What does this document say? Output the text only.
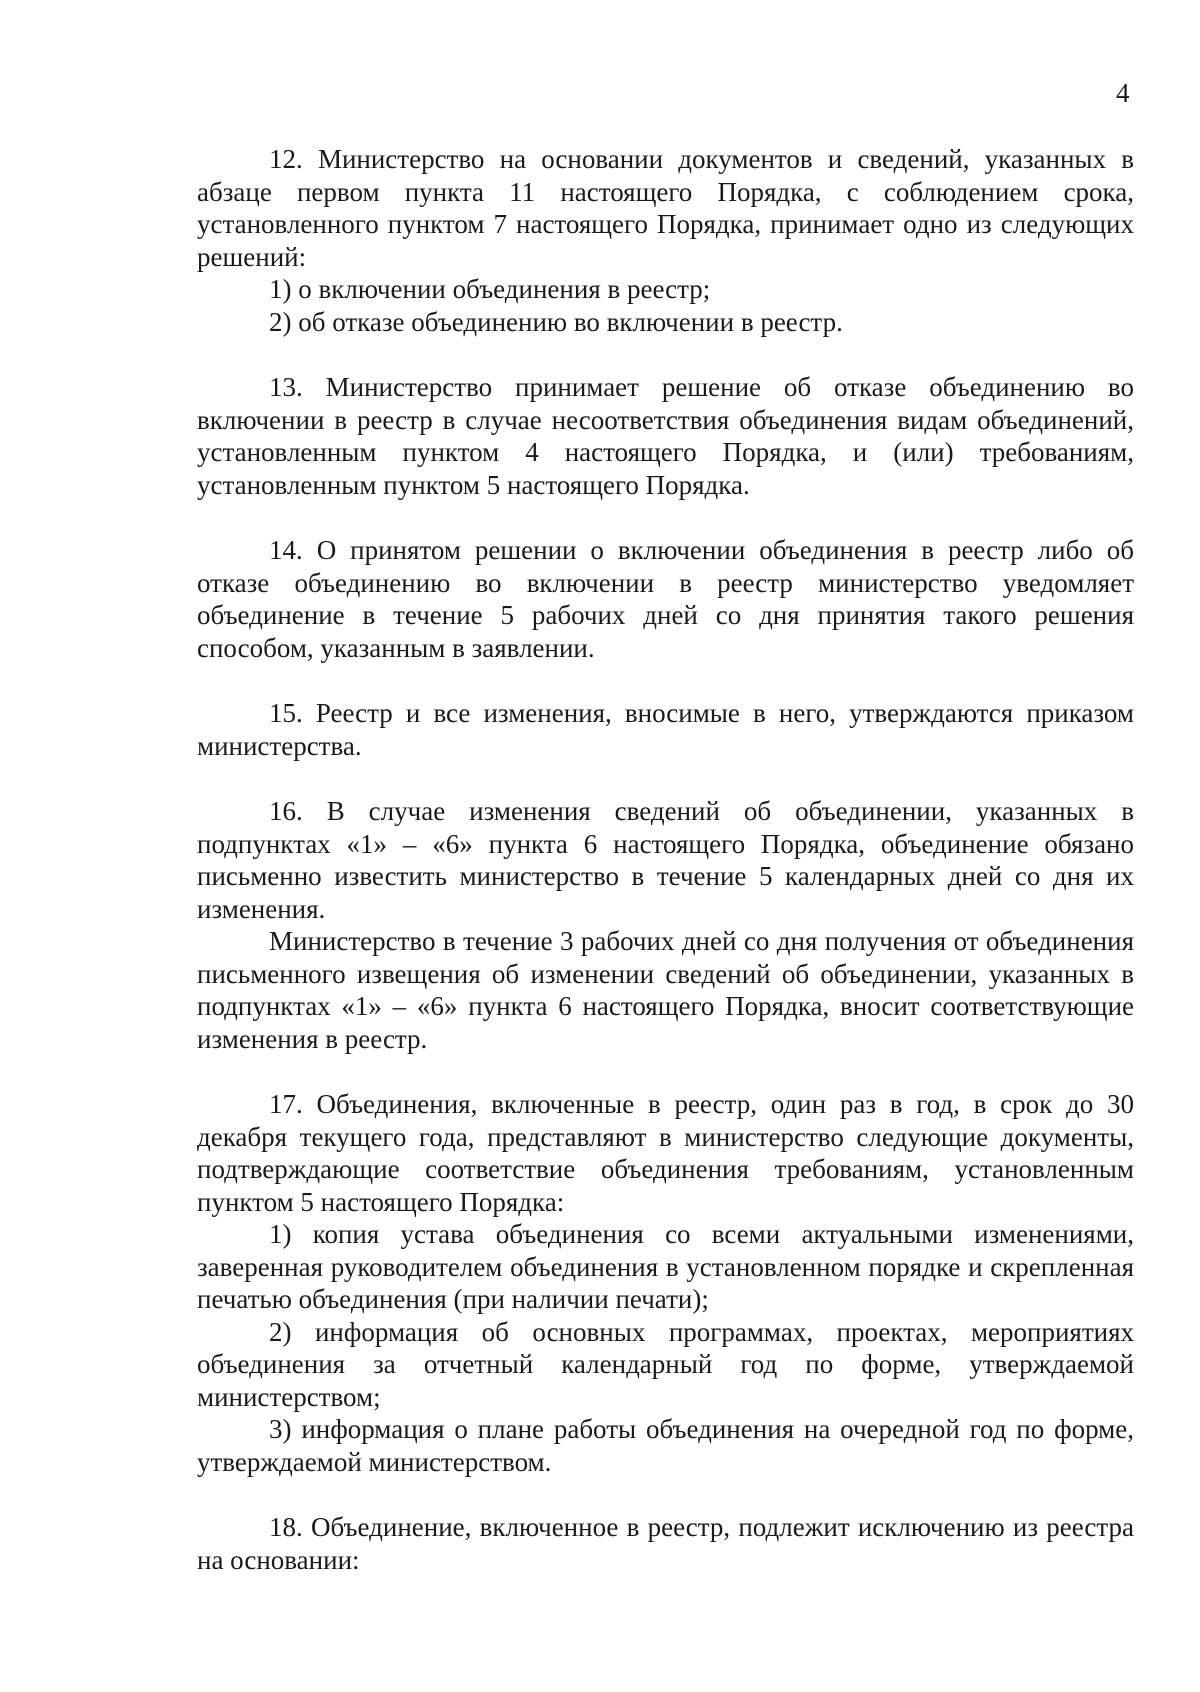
4

12. Министерство на основании документов и сведений, указанных в абзаце первом пункта 11 настоящего Порядка, с соблюдением срока, установленного пунктом 7 настоящего Порядка, принимает одно из следующих решений:

1) о включении объединения в реестр;

2) об отказе объединению во включении в реестр.

13. Министерство принимает решение об отказе объединению во включении в реестр в случае несоответствия объединения видам объединений, установленным пунктом 4 настоящего Порядка, и (или) требованиям, установленным пунктом 5 настоящего Порядка.

14. О принятом решении о включении объединения в реестр либо об отказе объединению во включении в реестр министерство уведомляет объединение в течение 5 рабочих дней со дня принятия такого решения способом, указанным в заявлении.

15. Реестр и все изменения, вносимые в него, утверждаются приказом министерства.

16. В случае изменения сведений об объединении, указанных в подпунктах «1» – «6» пункта 6 настоящего Порядка, объединение обязано письменно известить министерство в течение 5 календарных дней со дня их изменения.

Министерство в течение 3 рабочих дней со дня получения от объединения письменного извещения об изменении сведений об объединении, указанных в подпунктах «1» – «6» пункта 6 настоящего Порядка, вносит соответствующие изменения в реестр.

17. Объединения, включенные в реестр, один раз в год, в срок до 30 декабря текущего года, представляют в министерство следующие документы, подтверждающие соответствие объединения требованиям, установленным пунктом 5 настоящего Порядка:

1) копия устава объединения со всеми актуальными изменениями, заверенная руководителем объединения в установленном порядке и скрепленная печатью объединения (при наличии печати);

2) информация об основных программах, проектах, мероприятиях объединения за отчетный календарный год по форме, утверждаемой министерством;

3) информация о плане работы объединения на очередной год по форме, утверждаемой министерством.

18. Объединение, включенное в реестр, подлежит исключению из реестра на основании:
